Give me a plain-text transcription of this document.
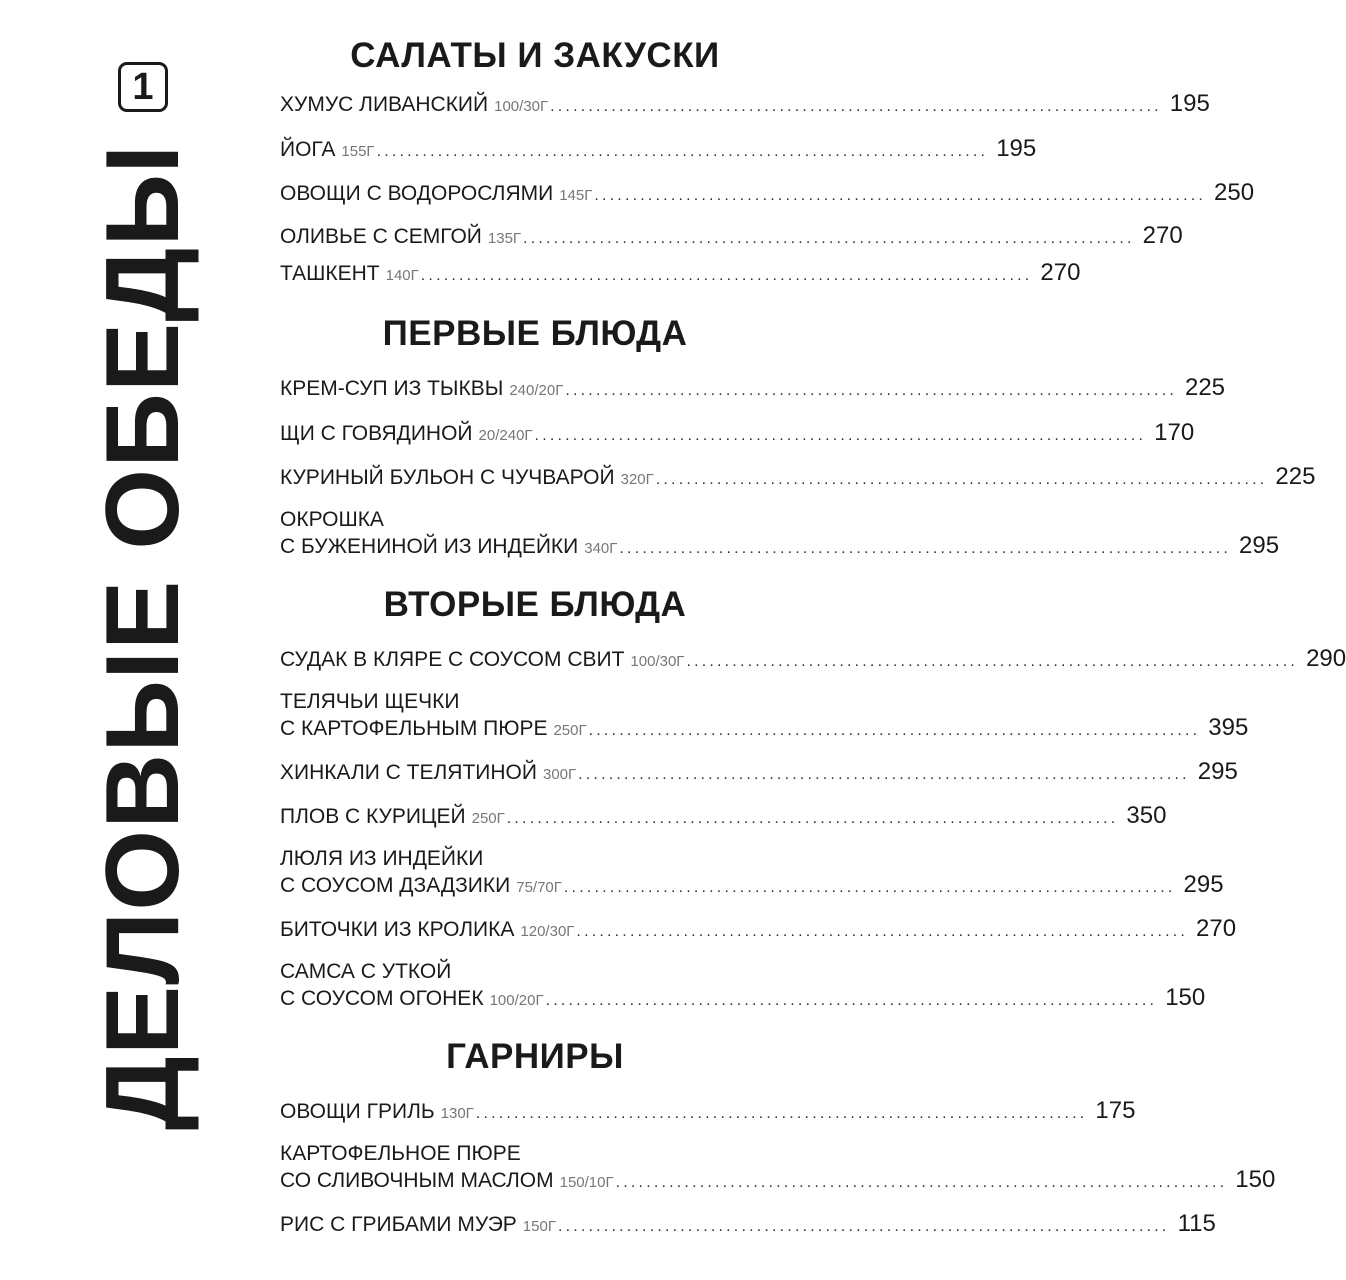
1
ДЕЛОВЫЕ ОБЕДЫ
САЛАТЫ И ЗАКУСКИ
ХУМУС ЛИВАНСКИЙ 100/30Г ................................................................................ 195
ЙОГА 155Г ................................................................................ 195
ОВОЩИ С ВОДОРОСЛЯМИ 145Г ................................................................................ 250
ОЛИВЬЕ С СЕМГОЙ 135Г ................................................................................ 270
ТАШКЕНТ 140Г ................................................................................ 270
ПЕРВЫЕ БЛЮДА
КРЕМ-СУП ИЗ ТЫКВЫ 240/20Г ................................................................................ 225
ЩИ С ГОВЯДИНОЙ 20/240Г ................................................................................ 170
КУРИНЫЙ БУЛЬОН С ЧУЧВАРОЙ 320Г ................................................................................ 225
ОКРОШКА
С БУЖЕНИНОЙ ИЗ ИНДЕЙКИ 340Г ................................................................................ 295
ВТОРЫЕ БЛЮДА
СУДАК В КЛЯРЕ С СОУСОМ СВИТ 100/30Г ................................................................................ 290
ТЕЛЯЧЬИ ЩЕЧКИ
С КАРТОФЕЛЬНЫМ ПЮРЕ 250Г ................................................................................ 395
ХИНКАЛИ С ТЕЛЯТИНОЙ 300Г ................................................................................ 295
ПЛОВ С КУРИЦЕЙ 250Г ................................................................................ 350
ЛЮЛЯ ИЗ ИНДЕЙКИ
С СОУСОМ ДЗАДЗИКИ 75/70Г ................................................................................ 295
БИТОЧКИ ИЗ КРОЛИКА 120/30Г ................................................................................ 270
САМСА С УТКОЙ
С СОУСОМ ОГОНЕК 100/20Г ................................................................................ 150
ГАРНИРЫ
ОВОЩИ ГРИЛЬ 130Г ................................................................................ 175
КАРТОФЕЛЬНОЕ ПЮРЕ
СО СЛИВОЧНЫМ МАСЛОМ 150/10Г ................................................................................ 150
РИС С ГРИБАМИ МУЭР 150Г ................................................................................ 115
